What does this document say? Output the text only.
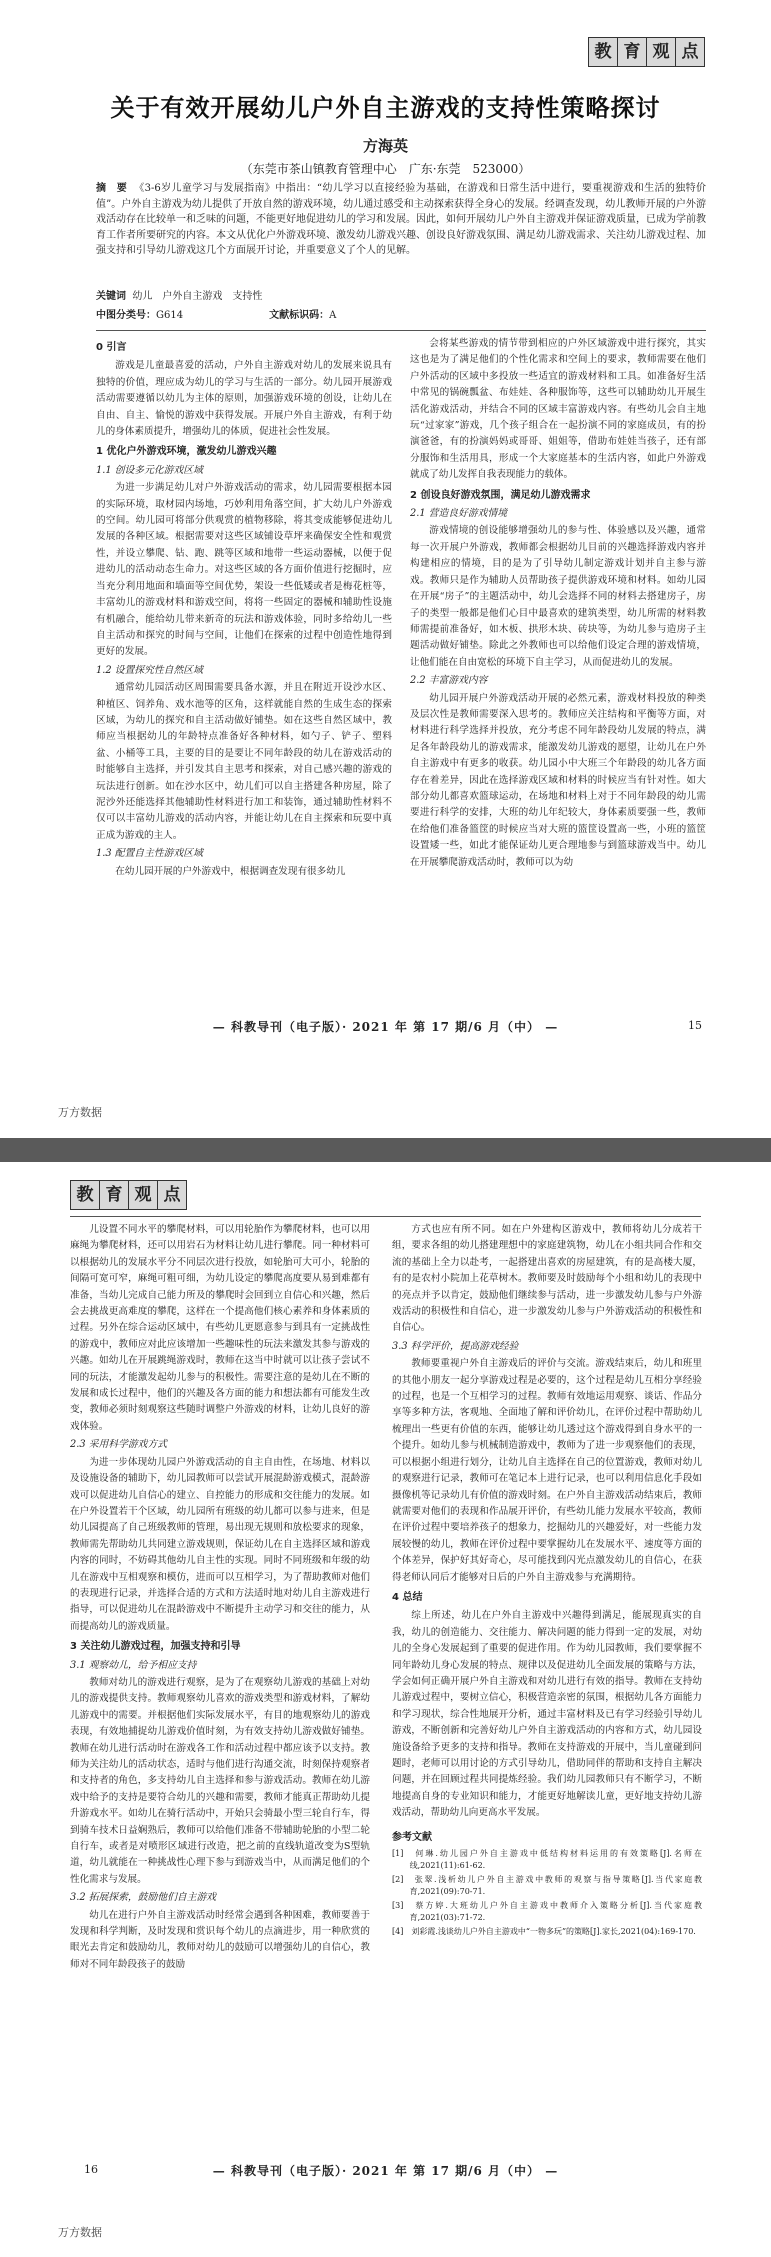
教 育 观 点
关于有效开展幼儿户外自主游戏的支持性策略探讨
方海英
（东莞市茶山镇教育管理中心　广东·东莞　523000）
摘　要 《3-6岁儿童学习与发展指南》中指出：“幼儿学习以直接经验为基础，在游戏和日常生活中进行，要重视游戏和生活的独特价值”。户外自主游戏为幼儿提供了开放自然的游戏环境，幼儿通过感受和主动探索获得全身心的发展。经调查发现，幼儿教师开展的户外游戏活动存在比较单一和乏味的问题，不能更好地促进幼儿的学习和发展。因此，如何开展幼儿户外自主游戏并保证游戏质量，已成为学前教育工作者所要研究的内容。本文从优化户外游戏环境、激发幼儿游戏兴趣、创设良好游戏氛围、满足幼儿游戏需求、关注幼儿游戏过程、加强支持和引导幼儿游戏这几个方面展开讨论，并重要意义了个人的见解。
关键词 幼儿　户外自主游戏　支持性
中图分类号：G614	文献标识码：A
0 引言

游戏是儿童最喜爱的活动，户外自主游戏对幼儿的发展来说具有独特的价值，理应成为幼儿的学习与生活的一部分。幼儿园开展游戏活动需要遵循以幼儿为主体的原则，加强游戏环境的创设，让幼儿在自由、自主、愉悦的游戏中获得发展。开展户外自主游戏，有利于幼儿的身体素质提升，增强幼儿的体质，促进社会性发展。

1 优化户外游戏环境，激发幼儿游戏兴趣
1.1 创设多元化游戏区域

为进一步满足幼儿对户外游戏活动的需求，幼儿园需要根据本园的实际环境，取材园内场地，巧妙利用角落空间，扩大幼儿户外游戏的空间。幼儿园可将部分供观赏的植物移除，将其变成能够促进幼儿发展的各种区域。根据需要对这些区域铺设草坪来确保安全性和观赏性，并设立攀爬、钻、跑、跳等区域和地带一些运动器械，以便于促进幼儿的活动动态生命力。对这些区域的各方面价值进行挖掘时，应当充分利用地面和墙面等空间优势，架设一些低矮或者是梅花桩等，丰富幼儿的游戏材料和游戏空间，将将一些固定的器械和辅助性设施有机融合，能给幼儿带来新奇的玩法和游戏体验，同时多给幼儿一些自主活动和探究的时间与空间，让他们在探索的过程中创造性地得到更好的发展。

1.2 设置探究性自然区域

通常幼儿园活动区周围需要具备水源，并且在附近开设沙水区、种植区、饲养角、戏水池等的区角，这样就能自然的生成生态的探索区域，为幼儿的探究和自主活动做好铺垫。如在这些自然区域中，教师应当根据幼儿的年龄特点准备好各种材料，如勺子、铲子、塑料盆、小桶等工具，主要的目的是要让不同年龄段的幼儿在游戏活动的时能够自主选择，并引发其自主思考和探索，对自己感兴趣的游戏的玩法进行创新。如在沙水区中，幼儿们可以自主搭建各种房屋，除了泥沙外还能选择其他辅助性材料进行加工和装饰，通过辅助性材料不仅可以丰富幼儿游戏的活动内容，并能让幼儿在自主探索和玩耍中真正成为游戏的主人。

1.3 配置自主性游戏区域

在幼儿园开展的户外游戏中，根据调查发现有很多幼儿

会将某些游戏的情节带到相应的户外区域游戏中进行探究，其实这也是为了满足他们的个性化需求和空间上的要求，教师需要在他们户外活动的区域中多投放一些适宜的游戏材料和工具。如准备好生活中常见的锅碗瓢盆、布娃娃、各种服饰等，这些可以辅助幼儿开展生活化游戏活动，并结合不同的区域丰富游戏内容。有些幼儿会自主地玩“过家家”游戏，几个孩子组合在一起扮演不同的家庭成员，有的扮演爸爸，有的扮演妈妈或哥哥、姐姐等，借助布娃娃当孩子，还有部分服饰和生活用具，形成一个大家庭基本的生活内容，如此户外游戏就成了幼儿发挥自我表现能力的载体。

2 创设良好游戏氛围，满足幼儿游戏需求
2.1 营造良好游戏情境

游戏情境的创设能够增强幼儿的参与性、体验感以及兴趣，通常每一次开展户外游戏，教师都会根据幼儿目前的兴趣选择游戏内容并构建相应的情境，目的是为了引导幼儿制定游戏计划并自主参与游戏。教师只是作为辅助人员帮助孩子提供游戏环境和材料。如幼儿园在开展“房子”的主题活动中，幼儿会选择不同的材料去搭建房子，房子的类型一般都是他们心目中最喜欢的建筑类型，幼儿所需的材料教师需提前准备好，如木板、拱形木块、砖块等，为幼儿参与造房子主题活动做好铺垫。除此之外教师也可以给他们设定合理的游戏情境，让他们能在自由宽松的环境下自主学习，从而促进幼儿的发展。

2.2 丰富游戏内容

幼儿园开展户外游戏活动开展的必然元素，游戏材料投放的种类及层次性是教师需要深入思考的。教师应关注结构和平衡等方面，对材料进行科学选择并投放，充分考虑不同年龄段幼儿发展的特点，满足各年龄段幼儿的游戏需求，能激发幼儿游戏的愿望，让幼儿在户外自主游戏中有更多的收获。幼儿园小中大班三个年龄段的幼儿各方面存在着差异，因此在选择游戏区域和材料的时候应当有针对性。如大部分幼儿都喜欢篮球运动，在场地和材料上对于不同年龄段的幼儿需要进行科学的安排，大班的幼儿年纪较大，身体素质要强一些，教师在给他们准备篮筐的时候应当对大班的篮筐设置高一些，小班的篮筐设置矮一些，如此才能保证幼儿更合理地参与到篮球游戏当中。幼儿在开展攀爬游戏活动时，教师可以为幼

— 科教导刊（电子版）· 2021 年 第 17 期/6 月（中） —	15
万方数据
教 育 观 点

儿设置不同水平的攀爬材料，可以用轮胎作为攀爬材料，也可以用麻绳为攀爬材料，还可以用岩石为材料让幼儿进行攀爬。同一种材料可以根据幼儿的发展水平分不同层次进行投放，如轮胎可大可小，轮胎的间隔可宽可窄，麻绳可粗可细，为幼儿设定的攀爬高度要从易到难都有准备，当幼儿完成自己能力所及的攀爬时会回到立自信心和兴趣，然后会去挑战更高难度的攀爬，这样在一个提高他们核心素养和身体素质的过程。另外在综合运动区域中，有些幼儿更愿意参与到具有一定挑战性的游戏中，教师应对此应该增加一些趣味性的玩法来激发其参与游戏的兴趣。如幼儿在开展跳绳游戏时，教师在这当中时就可以让孩子尝试不同的玩法，才能激发起幼儿参与的积极性。需要注意的是幼儿在不断的发展和成长过程中，他们的兴趣及各方面的能力和想法都有可能发生改变，教师必须时刻观察这些随时调整户外游戏的材料，让幼儿良好的游戏体验。

2.3 采用科学游戏方式

为进一步体现幼儿园户外游戏活动的自主自由性，在场地、材料以及设施设备的辅助下，幼儿园教师可以尝试开展混龄游戏模式，混龄游戏可以促进幼儿自信心的建立、自控能力的形成和交往能力的发展。如在户外设置若干个区域，幼儿园所有班级的幼儿都可以参与进来，但是幼儿园提高了自己班级教师的管理，易出现无规则和放松要求的现象，教师需先帮助幼儿共同建立游戏规则，保证幼儿在自主选择区域和游戏内容的同时，不妨碍其他幼儿自主性的实现。同时不同班级和年级的幼儿在游戏中互相观察和模仿，进而可以互相学习，为了帮助教师对他们的表现进行记录，并选择合适的方式和方法适时地对幼儿自主游戏进行指导，可以促进幼儿在混龄游戏中不断提升主动学习和交往的能力，从而提高幼儿的游戏质量。

3 关注幼儿游戏过程，加强支持和引导
3.1 观察幼儿，给予相应支持

教师对幼儿的游戏进行观察，是为了在观察幼儿游戏的基础上对幼儿的游戏提供支持。教师观察幼儿喜欢的游戏类型和游戏材料，了解幼儿游戏中的需要。并根据他们实际发展水平，有目的地观察幼儿的游戏表现，有效地捕捉幼儿游戏价值时刻，为有效支持幼儿游戏做好铺垫。教师在幼儿进行活动时在游戏各工作和活动过程中都应该予以支持。教师为关注幼儿的活动状态，适时与他们进行沟通交流，时刻保持观察者和支持者的角色，多支持幼儿自主选择和参与游戏活动。教师在幼儿游戏中给予的支持是要符合幼儿的兴趣和需要，教师才能真正帮助幼儿提升游戏水平。如幼儿在骑行活动中，开始只会骑最小型三轮自行车，得到骑车技术日益娴熟后，教师可以给他们准备不带辅助轮胎的小型二轮自行车，或者是对喷形区域进行改造，把之前的直线轨道改变为S型轨道，幼儿就能在一种挑战性心理下参与到游戏当中，从而满足他们的个性化需求与发展。

3.2 拓展探索，鼓励他们自主游戏

幼儿在进行户外自主游戏活动时经常会遇到各种困难，教师要善于发现和科学判断，及时发现和赏识每个幼儿的点滴进步，用一种欣赏的眼光去肯定和鼓励幼儿，教师对幼儿的鼓励可以增强幼儿的自信心，教师对不同年龄段孩子的鼓励

方式也应有所不同。如在户外建构区游戏中，教师将幼儿分成若干组，要求各组的幼儿搭建理想中的家庭建筑物，幼儿在小组共同合作和交流的基础上全力以赴考，一起搭建出喜欢的房屋建筑，有的是高楼大厦，有的是农村小院加上花草树木。教师要及时鼓励每个小组和幼儿的表现中的亮点并予以肯定，鼓励他们继续参与活动，进一步激发幼儿参与户外游戏活动的积极性和自信心，进一步激发幼儿参与户外游戏活动的积极性和自信心。

3.3 科学评价，提高游戏经验

教师要重视户外自主游戏后的评价与交流。游戏结束后，幼儿和班里的其他小朋友一起分享游戏过程是必要的，这个过程是幼儿互相分享经验的过程，也是一个互相学习的过程。教师有效地运用观察、谈话、作品分享等多种方法，客观地、全面地了解和评价幼儿，在评价过程中帮助幼儿梳理出一些更有价值的东西，能够让幼儿透过这个游戏得到自身水平的一个提升。如幼儿参与机械制造游戏中，教师为了进一步观察他们的表现，可以根据小组进行划分，让幼儿自主选择在自己的位置游戏，教师对幼儿的观察进行记录，教师可在笔记本上进行记录，也可以利用信息化手段如摄像机等记录幼儿有价值的游戏时刻。在户外自主游戏活动结束后，教师就需要对他们的表现和作品展开评价，有些幼儿能力发展水平较高，教师在评价过程中要培养孩子的想象力，挖掘幼儿的兴趣爱好，对一些能力发展较慢的幼儿，教师在评价过程中要掌握幼儿在发展水平、速度等方面的个体差异，保护好其好奇心，尽可能找到闪光点激发幼儿的自信心，在获得老师认同后才能够对日后的户外自主游戏参与充满期待。

4 总结

综上所述，幼儿在户外自主游戏中兴趣得到满足，能展现真实的自我，幼儿的创造能力、交往能力、解决问题的能力得到一定的发展，对幼儿的全身心发展起到了重要的促进作用。作为幼儿园教师，我们要掌握不同年龄幼儿身心发展的特点、规律以及促进幼儿全面发展的策略与方法，学会如何正确开展户外自主游戏和对幼儿进行有效的指导。教师在支持幼儿游戏过程中，要树立信心，积极营造亲密的氛围，根据幼儿各方面能力和学习现状，综合性地展开分析，通过丰富材料及已有学习经验引导幼儿游戏，不断创新和完善好幼儿户外自主游戏活动的内容和方式，幼儿园设施设备给予更多的支持和指导。教师在支持游戏的开展中，当儿童碰到问题时，老师可以用讨论的方式引导幼儿，借助同伴的帮助和支持自主解决问题，并在回顾过程共同提炼经验。我们幼儿园教师只有不断学习，不断地提高自身的专业知识和能力，才能更好地解读儿童，更好地支持幼儿游戏活动，帮助幼儿向更高水平发展。

参考文献

[1]　何琳.幼儿园户外自主游戏中低结构材料运用的有效策略[J].名师在线,2021(11):61-62.

[2]　张翠.浅析幼儿户外自主游戏中教师的观察与指导策略[J].当代家庭教育,2021(09):70-71.

[3]　蔡方婷.大班幼儿户外自主游戏中教师介入策略分析[J].当代家庭教育,2021(03):71-72.

[4]　刘彩霞.浅谈幼儿户外自主游戏中“一物多玩”的策略[J].家长,2021(04):169-170.

16	— 科教导刊（电子版）· 2021 年 第 17 期/6 月（中） —
万方数据
